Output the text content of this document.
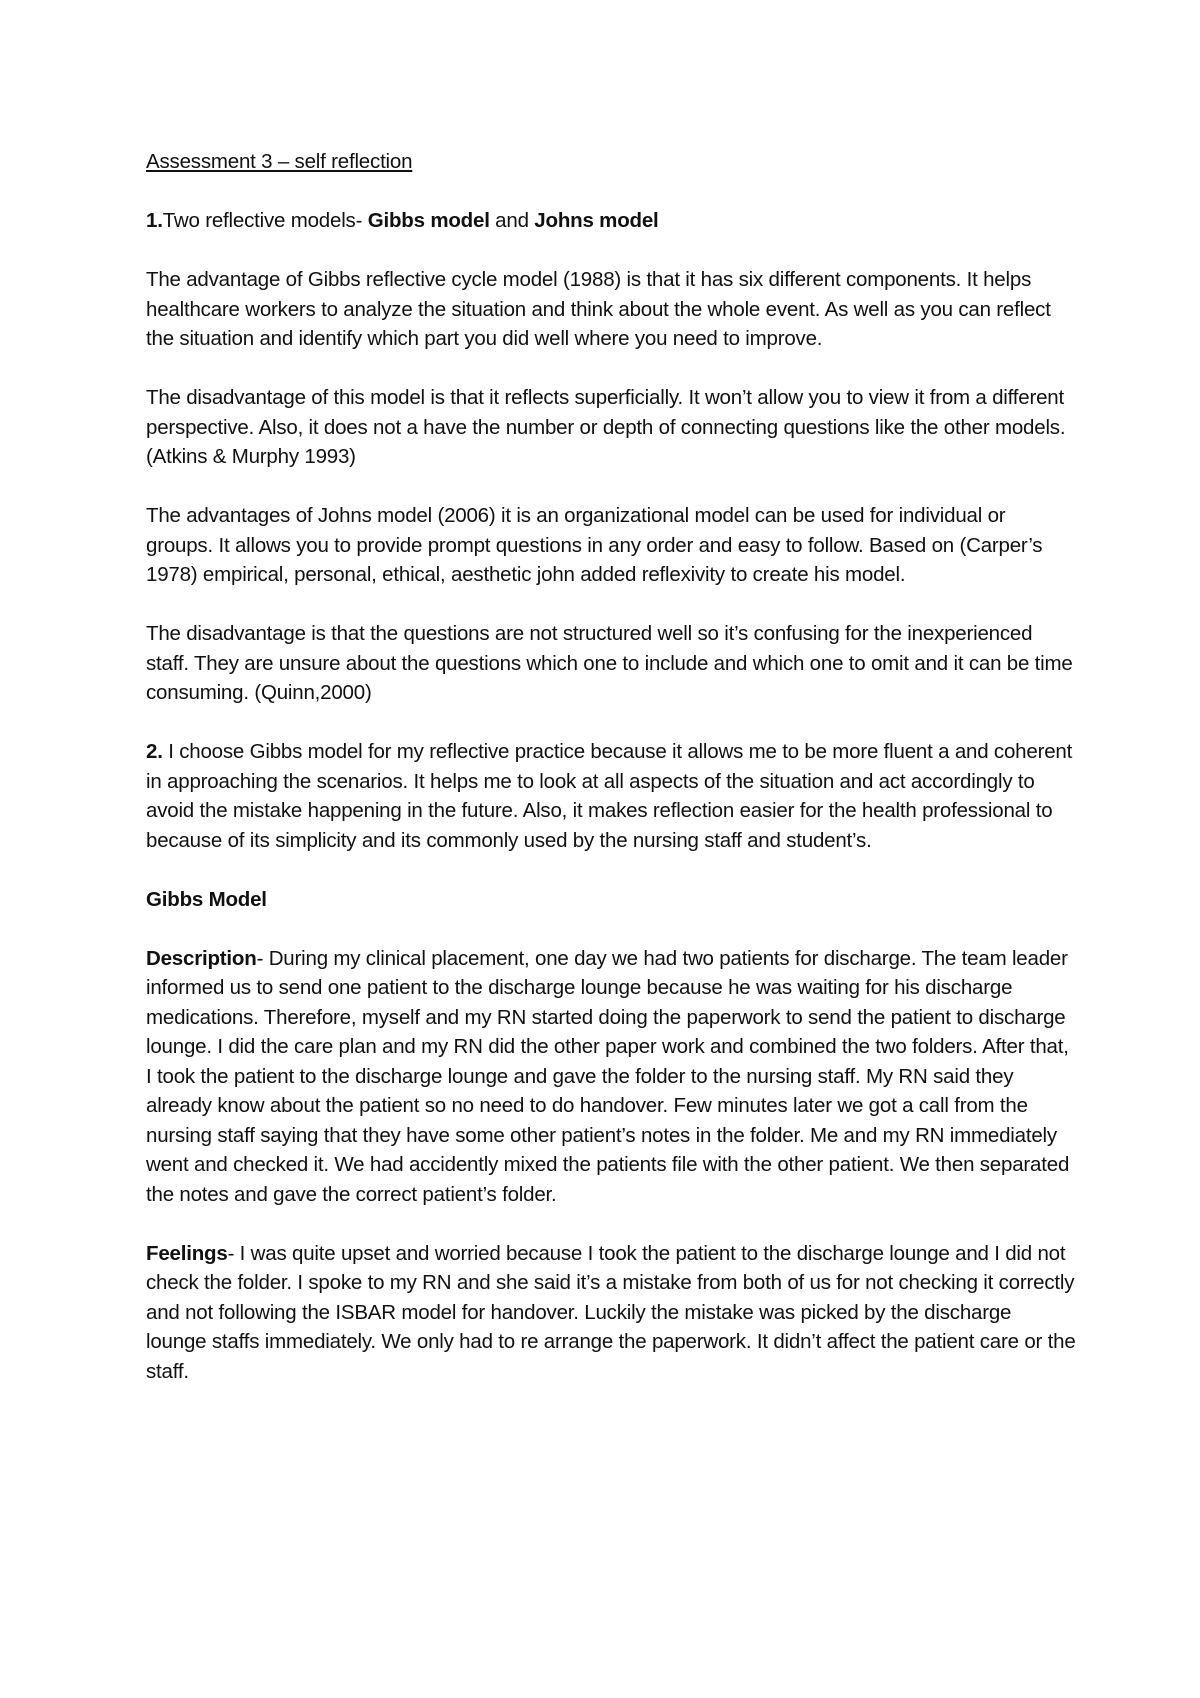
Assessment 3 – self reflection

1.Two reflective models- Gibbs model and Johns model

The advantage of Gibbs reflective cycle model (1988) is that it has six different components. It helps healthcare workers to analyze the situation and think about the whole event. As well as you can reflect the situation and identify which part you did well where you need to improve.

The disadvantage of this model is that it reflects superficially. It won’t allow you to view it from a different perspective. Also, it does not a have the number or depth of connecting questions like the other models. (Atkins & Murphy 1993)

The advantages of Johns model (2006) it is an organizational model can be used for individual or groups. It allows you to provide prompt questions in any order and easy to follow. Based on (Carper’s 1978) empirical, personal, ethical, aesthetic john added reflexivity to create his model.

The disadvantage is that the questions are not structured well so it’s confusing for the inexperienced staff. They are unsure about the questions which one to include and which one to omit and it can be time consuming. (Quinn,2000)

2. I choose Gibbs model for my reflective practice because it allows me to be more fluent a and coherent in approaching the scenarios. It helps me to look at all aspects of the situation and act accordingly to avoid the mistake happening in the future. Also, it makes reflection easier for the health professional to because of its simplicity and its commonly used by the nursing staff and student’s.

Gibbs Model

Description- During my clinical placement, one day we had two patients for discharge. The team leader informed us to send one patient to the discharge lounge because he was waiting for his discharge medications. Therefore, myself and my RN started doing the paperwork to send the patient to discharge lounge. I did the care plan and my RN did the other paper work and combined the two folders. After that, I took the patient to the discharge lounge and gave the folder to the nursing staff. My RN said they already know about the patient so no need to do handover. Few minutes later we got a call from the nursing staff saying that they have some other patient’s notes in the folder. Me and my RN immediately went and checked it. We had accidently mixed the patients file with the other patient. We then separated the notes and gave the correct patient’s folder.

Feelings- I was quite upset and worried because I took the patient to the discharge lounge and I did not check the folder. I spoke to my RN and she said it’s a mistake from both of us for not checking it correctly and not following the ISBAR model for handover. Luckily the mistake was picked by the discharge lounge staffs immediately. We only had to re arrange the paperwork. It didn’t affect the patient care or the staff.
